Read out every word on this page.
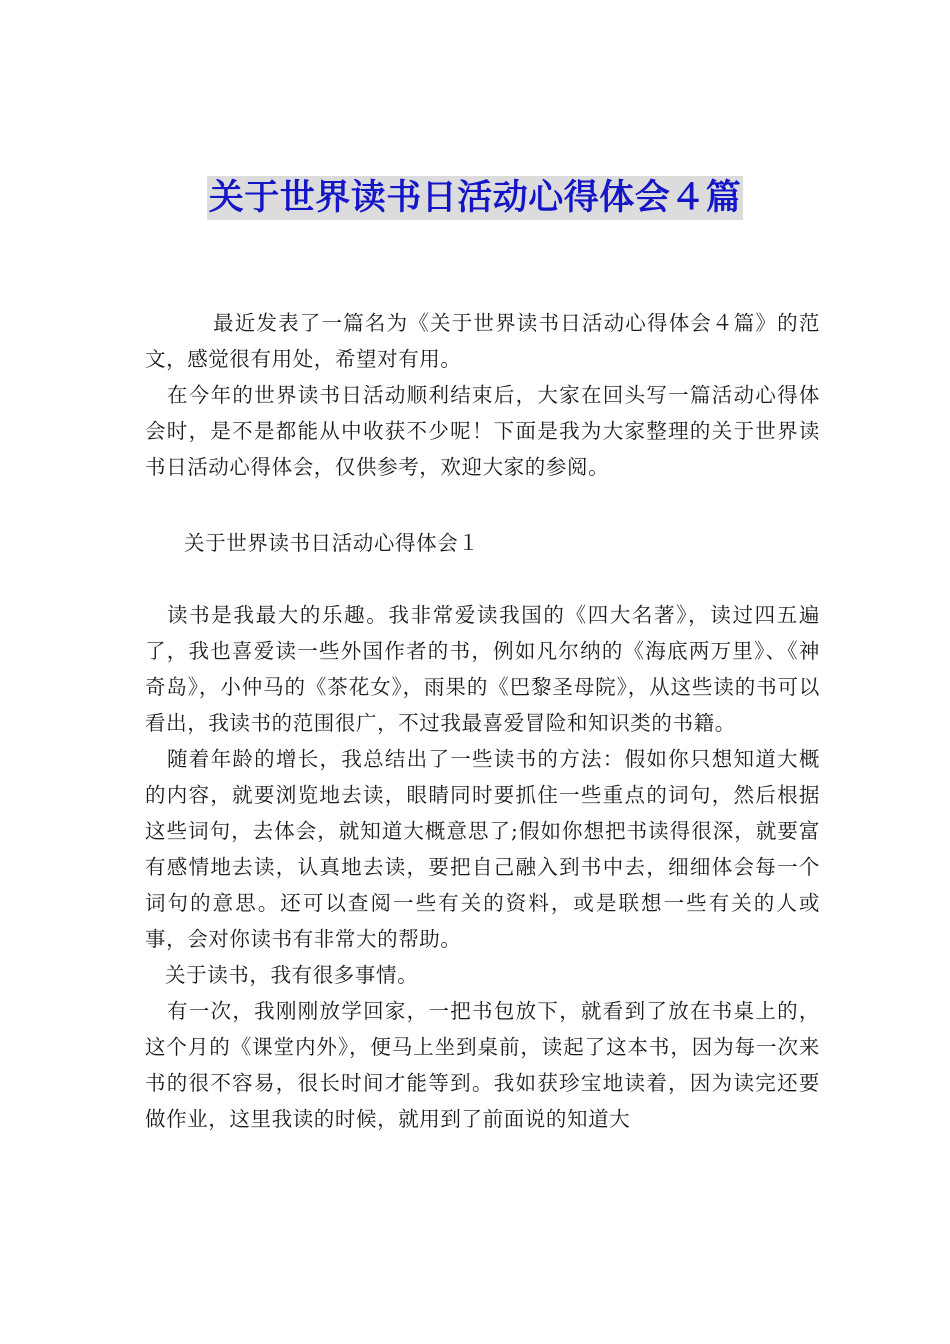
关于世界读书日活动心得体会４篇

最近发表了一篇名为《关于世界读书日活动心得体会４篇》的范文，感觉很有用处，希望对有用。

在今年的世界读书日活动顺利结束后，大家在回头写一篇活动心得体会时，是不是都能从中收获不少呢！下面是我为大家整理的关于世界读书日活动心得体会，仅供参考，欢迎大家的参阅。

关于世界读书日活动心得体会１

读书是我最大的乐趣。我非常爱读我国的《四大名著》，读过四五遍了，我也喜爱读一些外国作者的书，例如凡尔纳的《海底两万里》、《神奇岛》，小仲马的《茶花女》，雨果的《巴黎圣母院》，从这些读的书可以看出，我读书的范围很广，不过我最喜爱冒险和知识类的书籍。

随着年龄的增长，我总结出了一些读书的方法：假如你只想知道大概的内容，就要浏览地去读，眼睛同时要抓住一些重点的词句，然后根据这些词句，去体会，就知道大概意思了;假如你想把书读得很深，就要富有感情地去读，认真地去读，要把自己融入到书中去，细细体会每一个词句的意思。还可以查阅一些有关的资料，或是联想一些有关的人或事，会对你读书有非常大的帮助。

关于读书，我有很多事情。

有一次，我刚刚放学回家，一把书包放下，就看到了放在书桌上的，这个月的《课堂内外》，便马上坐到桌前，读起了这本书，因为每一次来书的很不容易，很长时间才能等到。我如获珍宝地读着，因为读完还要做作业，这里我读的时候，就用到了前面说的知道大
